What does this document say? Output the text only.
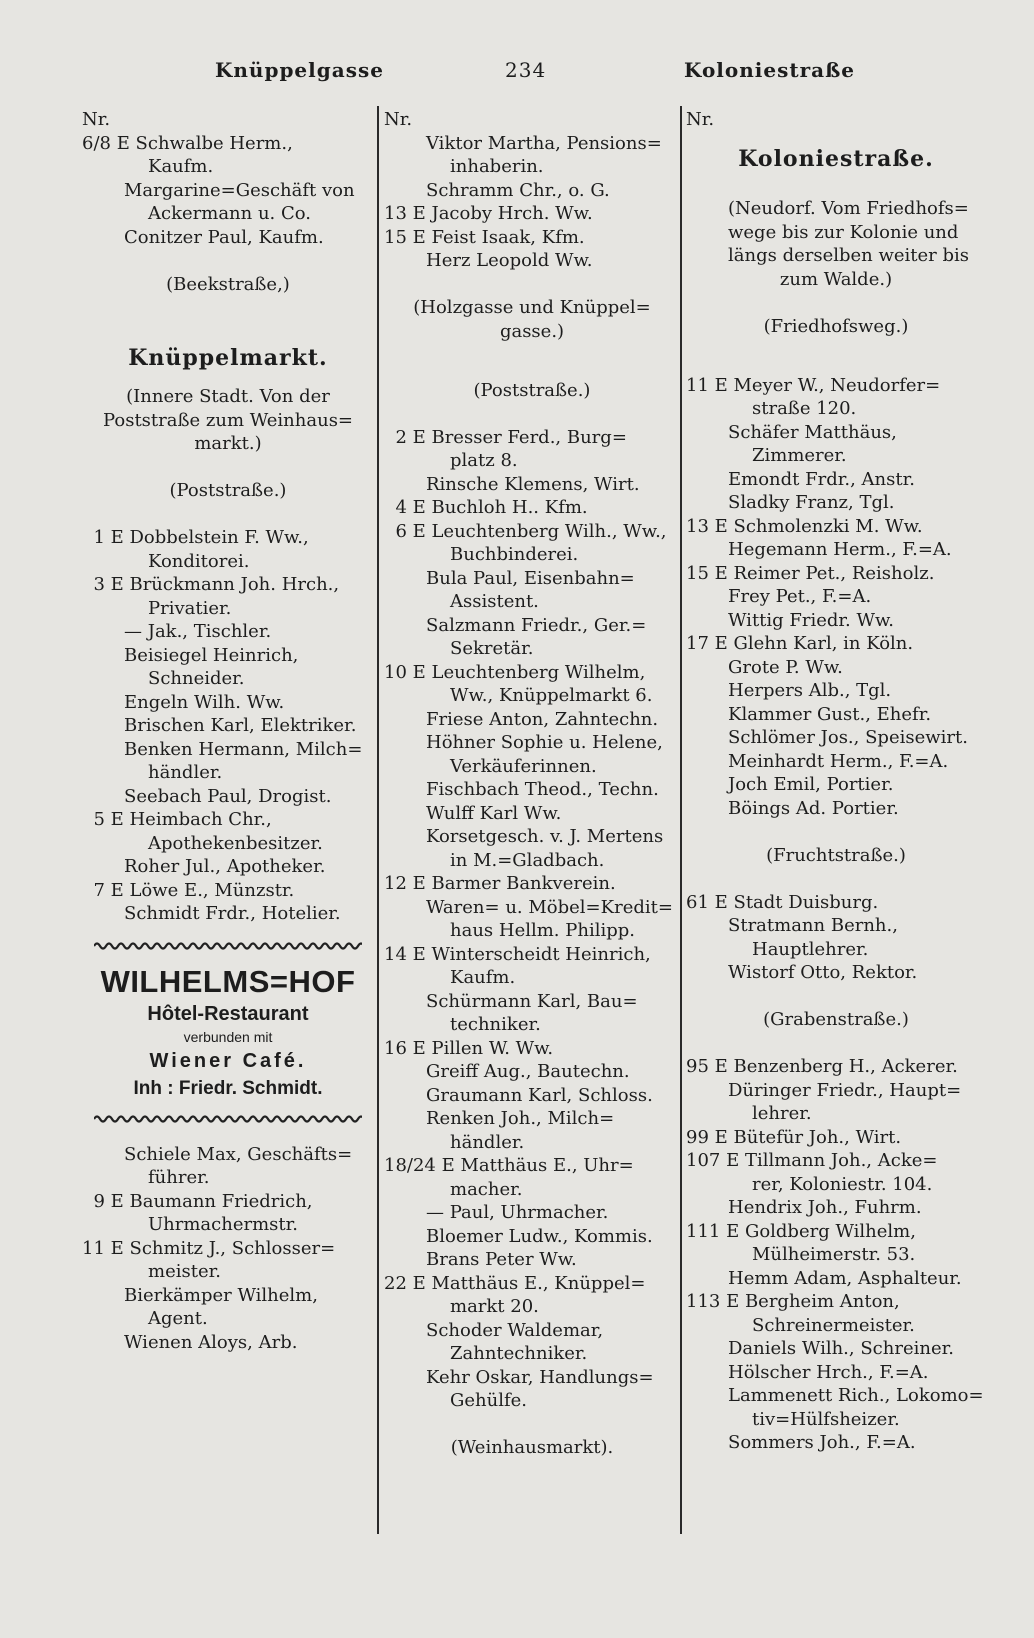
Knüppelgasse	234	Koloniestraße
Nr.
6/8 E Schwalbe Herm.,
Kaufm.
Margarine=Geschäft von
Ackermann u. Co.
Conitzer Paul, Kaufm.
(Beekstraße,)
Knüppelmarkt.
(Innere Stadt. Von der
Poststraße zum Weinhaus=
markt.)
(Poststraße.)
1 E Dobbelstein F. Ww.,
Konditorei.
3 E Brückmann Joh. Hrch.,
Privatier.
— Jak., Tischler.
Beisiegel Heinrich,
Schneider.
Engeln Wilh. Ww.
Brischen Karl, Elektriker.
Benken Hermann, Milch=
händler.
Seebach Paul, Drogist.
5 E Heimbach Chr.,
Apothekenbesitzer.
Roher Jul., Apotheker.
7 E Löwe E., Münzstr.
Schmidt Frdr., Hotelier.
WILHELMS=HOF
Hôtel-Restaurant
verbunden mit
Wiener Café.
Inh : Friedr. Schmidt.
Schiele Max, Geschäfts=
führer.
9 E Baumann Friedrich,
Uhrmachermstr.
11 E Schmitz J., Schlosser=
meister.
Bierkämper Wilhelm,
Agent.
Wienen Aloys, Arb.
Nr.
Viktor Martha, Pensions=
inhaberin.
Schramm Chr., o. G.
13 E Jacoby Hrch. Ww.
15 E Feist Isaak, Kfm.
Herz Leopold Ww.
(Holzgasse und Knüppel=
gasse.)
(Poststraße.)
2 E Bresser Ferd., Burg=
platz 8.
Rinsche Klemens, Wirt.
4 E Buchloh H.. Kfm.
6 E Leuchtenberg Wilh., Ww.,
Buchbinderei.
Bula Paul, Eisenbahn=
Assistent.
Salzmann Friedr., Ger.=
Sekretär.
10 E Leuchtenberg Wilhelm,
Ww., Knüppelmarkt 6.
Friese Anton, Zahntechn.
Höhner Sophie u. Helene,
Verkäuferinnen.
Fischbach Theod., Techn.
Wulff Karl Ww.
Korsetgesch. v. J. Mertens
in M.=Gladbach.
12 E Barmer Bankverein.
Waren= u. Möbel=Kredit=
haus Hellm. Philipp.
14 E Winterscheidt Heinrich,
Kaufm.
Schürmann Karl, Bau=
techniker.
16 E Pillen W. Ww.
Greiff Aug., Bautechn.
Graumann Karl, Schloss.
Renken Joh., Milch=
händler.
18/24 E Matthäus E., Uhr=
macher.
— Paul, Uhrmacher.
Bloemer Ludw., Kommis.
Brans Peter Ww.
22 E Matthäus E., Knüppel=
markt 20.
Schoder Waldemar,
Zahntechniker.
Kehr Oskar, Handlungs=
Gehülfe.
(Weinhausmarkt).
Nr.
Koloniestraße.
(Neudorf. Vom Friedhofs=
wege bis zur Kolonie und
längs derselben weiter bis
zum Walde.)
(Friedhofsweg.)
11 E Meyer W., Neudorfer=
straße 120.
Schäfer Matthäus,
Zimmerer.
Emondt Frdr., Anstr.
Sladky Franz, Tgl.
13 E Schmolenzki M. Ww.
Hegemann Herm., F.=A.
15 E Reimer Pet., Reisholz.
Frey Pet., F.=A.
Wittig Friedr. Ww.
17 E Glehn Karl, in Köln.
Grote P. Ww.
Herpers Alb., Tgl.
Klammer Gust., Ehefr.
Schlömer Jos., Speisewirt.
Meinhardt Herm., F.=A.
Joch Emil, Portier.
Böings Ad. Portier.
(Fruchtstraße.)
61 E Stadt Duisburg.
Stratmann Bernh.,
Hauptlehrer.
Wistorf Otto, Rektor.
(Grabenstraße.)
95 E Benzenberg H., Ackerer.
Düringer Friedr., Haupt=
lehrer.
99 E Bütefür Joh., Wirt.
107 E Tillmann Joh., Acke=
rer, Koloniestr. 104.
Hendrix Joh., Fuhrm.
111 E Goldberg Wilhelm,
Mülheimerstr. 53.
Hemm Adam, Asphalteur.
113 E Bergheim Anton,
Schreinermeister.
Daniels Wilh., Schreiner.
Hölscher Hrch., F.=A.
Lammenett Rich., Lokomo=
tiv=Hülfsheizer.
Sommers Joh., F.=A.
